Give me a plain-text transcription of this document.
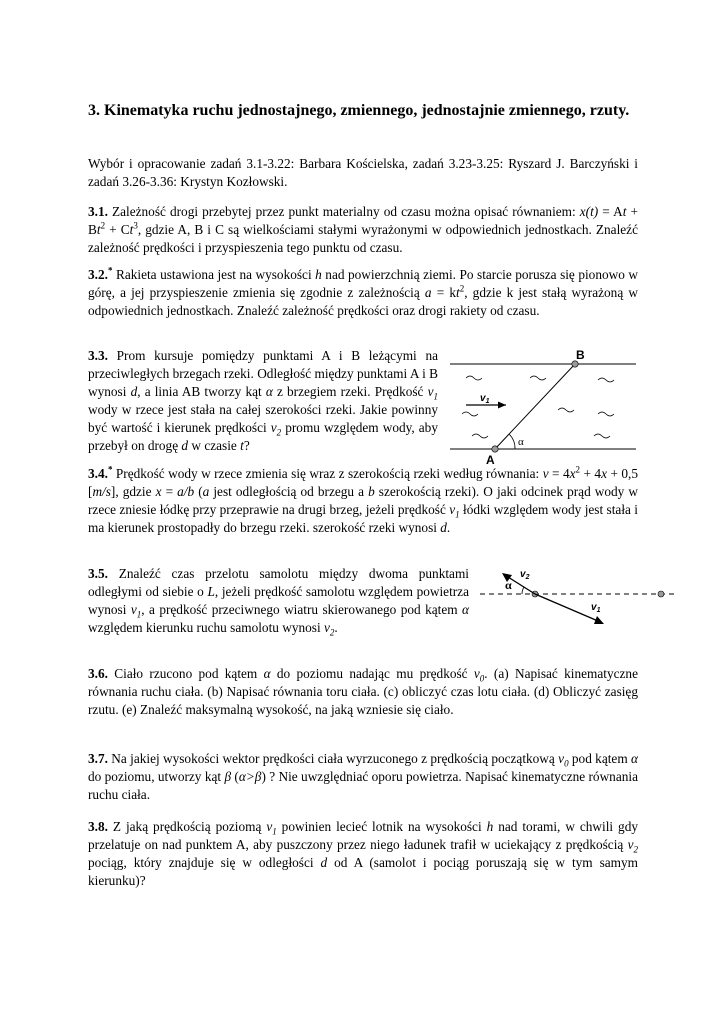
3. Kinematyka ruchu jednostajnego, zmiennego, jednostajnie zmiennego, rzuty.

Wybór i opracowanie zadań 3.1-3.22: Barbara Kościelska, zadań 3.23-3.25: Ryszard J. Barczyński i zadań 3.26-3.36: Krystyn Kozłowski.

3.1. Zależność drogi przebytej przez punkt materialny od czasu można opisać równaniem: $x(t) = At + Bt^2 + Ct^3$, gdzie A, B i C są wielkościami stałymi wyrażonymi w odpowiednich jednostkach. Znaleźć zależność prędkości i przyspieszenia tego punktu od czasu.

3.2.* Rakieta ustawiona jest na wysokości h nad powierzchnią ziemi. Po starcie porusza się pionowo w górę, a jej przyspieszenie zmienia się zgodnie z zależnością $a = kt^2$, gdzie k jest stałą wyrażoną w odpowiednich jednostkach. Znaleźć zależność prędkości oraz drogi rakiety od czasu.

3.3. Prom kursuje pomiędzy punktami A i B leżącymi na przeciwległych brzegach rzeki. Odległość między punktami A i B wynosi d, a linia AB tworzy kąt α z brzegiem rzeki. Prędkość $v_1$ wody w rzece jest stała na całej szerokości rzeki. Jakie powinny być wartość i kierunek prędkości $v_2$ promu względem wody, aby przebył on drogę d w czasie t?

B
A
$v_1$
α

3.4.* Prędkość wody w rzece zmienia się wraz z szerokością rzeki według równania: $v = 4x^2 + 4x + 0,5$ [m/s], gdzie x = a/b (a jest odległością od brzegu a b szerokością rzeki). O jaki odcinek prąd wody w rzece zniesie łódkę przy przeprawie na drugi brzeg, jeżeli prędkość $v_1$ łódki względem wody jest stała i ma kierunek prostopadły do brzegu rzeki. szerokość rzeki wynosi d.

3.5. Znaleźć czas przelotu samolotu między dwoma punktami odległymi od siebie o L, jeżeli prędkość samolotu względem powietrza wynosi $v_1$, a prędkość przeciwnego wiatru skierowanego pod kątem α względem kierunku ruchu samolotu wynosi $v_2$.

α
$v_2$
$v_1$

3.6. Ciało rzucono pod kątem α do poziomu nadając mu prędkość $v_0$. (a) Napisać kinematyczne równania ruchu ciała. (b) Napisać równania toru ciała. (c) obliczyć czas lotu ciała. (d) Obliczyć zasięg rzutu. (e) Znaleźć maksymalną wysokość, na jaką wzniesie się ciało.

3.7. Na jakiej wysokości wektor prędkości ciała wyrzuconego z prędkością początkową $v_0$ pod kątem α do poziomu, utworzy kąt β (α>β) ? Nie uwzględniać oporu powietrza. Napisać kinematyczne równania ruchu ciała.

3.8. Z jaką prędkością poziomą $v_1$ powinien lecieć lotnik na wysokości h nad torami, w chwili gdy przelatuje on nad punktem A, aby puszczony przez niego ładunek trafił w uciekający z prędkością $v_2$ pociąg, który znajduje się w odległości d od A (samolot i pociąg poruszają się w tym samym kierunku)?
